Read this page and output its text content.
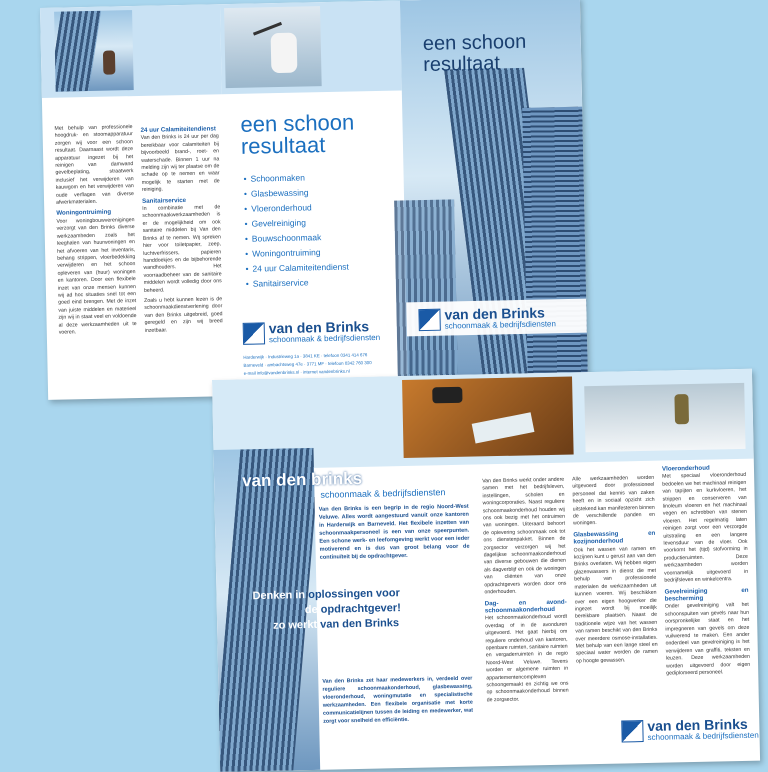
Met behulp van professionele hoogdruk- en stoomapparatuur zorgen wij voor een schoon resultaat. Daarnaast wordt deze apparatuur ingezet bij het reinigen van damwand gevelbeplating, straatwerk inclusief het verwijderen van kauwgom en het verwijderen van oude verflagen van diverse afwerkmaterialen.

Woningontruiming

Voor woningbouwverenigingen verzorgt van den Brinks diverse werkzaamheden zoals het leeghalen van huurwoningen en het afvoeren van het inventaris, behang strippen, vloerbedekking verwijderen en het schoon opleveren van (huur) woningen en kantoren. Door een flexibele inzet van onze mensen kunnen wij ad hoc situaties snel tot een goed eind brengen. Met de inzet van juiste middelen en materieel zijn wij in staat veel en voldoende al deze werkzaamheden uit te voeren.

24 uur Calamiteitendienst

Van den Brinks is 24 uur per dag bereikbaar voor calamiteiten bij bijvoorbeeld brand-, roet- en waterschade. Binnen 1 uur na melding zijn wij ter plaatse om de schade op te nemen en waar mogelijk te starten met de reiniging.

Sanitairservice

In combinatie met de schoonmaakwerkzaamheden is er de mogelijkheid om ook sanitaire middelen bij Van den Brinks af te nemen. Wij spreken hier voor toiletpapier, zeep, luchtverfrissers, papieren handdoekjes en de bijbehorende wandhouders. Het voorraadbeheer van de sanitaire middelen wordt volledig door ons beheerd.

Zoals u hebt kunnen lezen is de schoonmaakdienstverlening door van den Brinks uitgebreid, goed geregeld en zijn wij breed inzetbaar.

een schoon resultaat
• Schoonmaken
• Glasbewassing
• Vloeronderhoud
• Gevelreiniging
• Bouwschoonmaak
• Woningontruiming
• 24 uur Calamiteitendienst
• Sanitairservice
van den Brinks
schoonmaak & bedrijfsdiensten
Harderwijk · Industrieweg 1a · 3841 KE · telefoon 0341 414 676
Barneveld · ambachtsweg 47e · 3771 MF · telefoon 0342 760 300
e-mail info@vandenbrinks.nl · internet vandenbrinks.nl
een schoon resultaat
van den Brinks
schoonmaak & bedrijfsdiensten
van den brinks
schoonmaak & bedrijfsdiensten
Van den Brinks is een begrip in de regio Noord-West Veluwe. Alles wordt aangestuurd vanuit onze kantoren in Harderwijk en Barneveld. Het flexibele inzetten van schoonmaakpersoneel is een van onze speerpunten. Een schone werk- en leefomgeving werkt voor een ieder motiverend en is dus van groot belang voor de continuïteit bij de opdrachtgever.
Denken in oplossingen voor
de opdrachtgever!
zo werkt van den Brinks
Van den Brinks zet haar medewerkers in, verdeeld over reguliere schoonmaakonderhoud, glasbewassing, vloeronderhoud, woningmutatie en specialistische werkzaamheden. Een flexibele organisatie met korte communicatielijnen tussen de leiding en medewerker, wat zorgt voor snelheid en efficiëntie.

Van den Brinks werkt onder andere samen met het bedrijfsleven, instellingen, scholen en woningcorporaties. Naast reguliere schoonmaakonderhoud houden wij ons ook bezig met het ontruimen van woningen. Uiteraard behoort de oplevering schoonmaak ook tot ons dienstenpakket. Binnen de zorgsector verzorgen wij het dagelijkse schoonmaakonderhoud van diverse gebouwen die dienen als dagverblijf en ook de woningen van cliënten van onze opdrachtgevers worden door ons onderhouden.

Dag- en avond-schoonmaakonderhoud

Het schoonmaakonderhoud wordt overdag of in de avonduren uitgevoerd. Het gaat hierbij om reguliere onderhoud van kantoren, openbare ruimten, sanitaire ruimten en vergaderruimten in de regio Noord-West Veluwe. Tevens worden er algemene ruimten in appartementencomplexen schoongemaakt en zichtig we ons op schoonmaakonderhoud binnen de zorgsector.

Alle werkzaamheden worden uitgevoerd door professioneel personeel dat kennis van zaken heeft en in sociaal opzicht zich uitstekend kan manifesteren binnen de verschillende panden en woningen.

Glasbewassing en kozijnonderhoud

Ook het wassen van ramen en kozijnen kunt u gerust aan van den Brinks overlaten. Wij hebben eigen glazenwassers in dienst die met behulp van professionele materialen de werkzaamheden uit kunnen voeren. Wij beschikken over een eigen hoogwerker die ingezet wordt bij moeilijk bereikbare plaatsen. Naast de traditionele wijze van het wassen van ramen beschikt van den Brinks over meerdere osmose-installaties. Met behulp van een lange steel en speciaal water worden de ramen op hoogte gewassen.

Vloeronderhoud

Met speciaal vloeronderhoud bedoelen we het machinaal reinigen van tapijten en kurkvloeren, het strippen en conserveren van linoleum vloeren en het machinaal vegen en schrobben van stenen vloeren. Het regelmatig laten reinigen zorgt voor een verzorgde uitstraling en een langere levensduur van de vloer. Ook voorkomt het (tijd) stofvorming in productieruimten. Deze werkzaamheden worden voornamelijk uitgevoerd in bedrijfsleven en winkelcentra.

Gevelreiniging en bescherming

Onder gevelreiniging valt het schoonspuiten van gevels naar hun oorspronkelijke staat en het impregneren van gevels om deze vuilwerend te maken. Een ander onderdeel van gevelreiniging is het verwijderen van graffiti, teksten en leuzen. Deze werkzaamheden worden uitgevoerd door eigen gediplomeerd personeel.

van den Brinks
schoonmaak & bedrijfsdiensten
